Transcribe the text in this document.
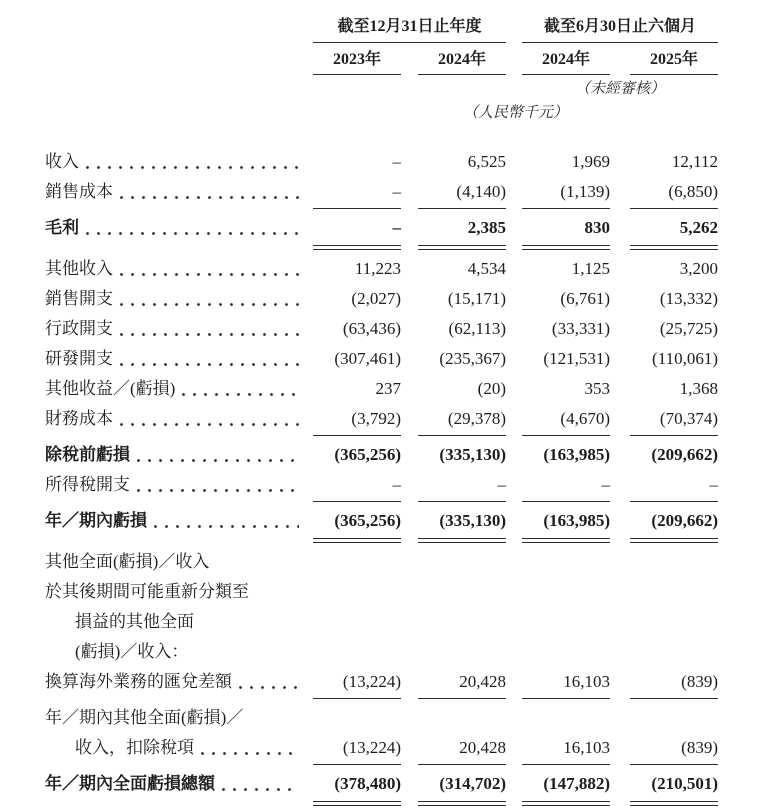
截至12月31日止年度	截至6月30日止六個月
2023年	2024年	2024年	2025年
（未經審核）
（人民幣千元）
收入	–	6,525	1,969	12,112
銷售成本	–	(4,140)	(1,139)	(6,850)
毛利	–	2,385	830	5,262
其他收入	11,223	4,534	1,125	3,200
銷售開支	(2,027)	(15,171)	(6,761)	(13,332)
行政開支	(63,436)	(62,113)	(33,331)	(25,725)
研發開支	(307,461)	(235,367)	(121,531)	(110,061)
其他收益／(虧損)	237	(20)	353	1,368
財務成本	(3,792)	(29,378)	(4,670)	(70,374)
除稅前虧損	(365,256)	(335,130)	(163,985)	(209,662)
所得稅開支	–	–	–	–
年／期內虧損	(365,256)	(335,130)	(163,985)	(209,662)
其他全面(虧損)／收入
於其後期間可能重新分類至
損益的其他全面
(虧損)／收入：
換算海外業務的匯兌差額	(13,224)	20,428	16,103	(839)
年／期內其他全面(虧損)／
收入，扣除稅項	(13,224)	20,428	16,103	(839)
年／期內全面虧損總額	(378,480)	(314,702)	(147,882)	(210,501)
